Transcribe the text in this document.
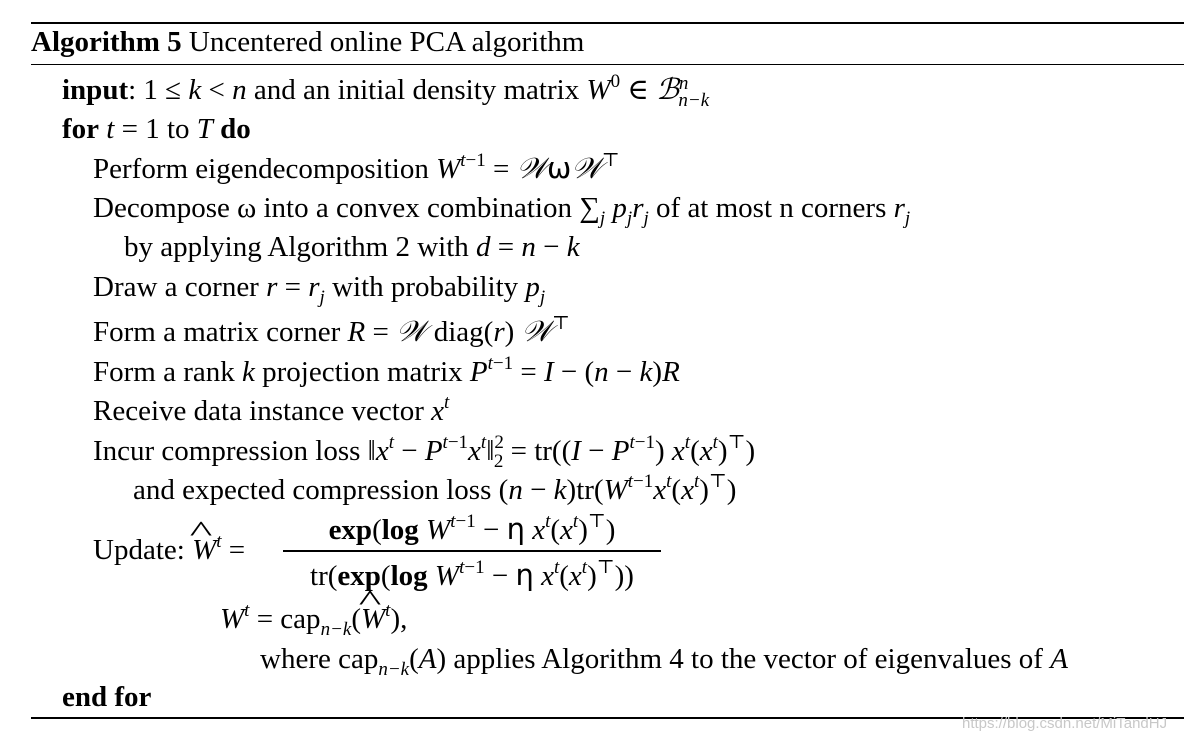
Algorithm 5 Uncentered online PCA algorithm
input: 1 ≤ k < n and an initial density matrix $W^0$ ∈ ℬ$^n_{n-k}$
for t = 1 to T do
Perform eigendecomposition $W^{t-1}$ = 𝒲ω𝒲⊤
Decompose ω into a convex combination $\sum_j$ $p_jr_j$ of at most n corners $r_j$
by applying Algorithm 2 with d = n − k
Draw a corner $r = r_j$ with probability $p_j$
Form a matrix corner R = 𝒲 diag(r) 𝒲⊤
Form a rank k projection matrix $P^{t-1} = I - (n - k)R$
Receive data instance vector $x^t$
Incur compression loss $‖x^t$ − $P^{t-1}x^t‖^2_2 = tr((I - P^{t-1})$ $x^t(x^t)^⊤$)
and expected compression loss $(n - k)tr(W^{t-1}x^t(x^t)^⊤)$
Update: ^ $W^t$ =
exp(log $W^{t-1} - \eta$ $x^t(x^t)^⊤$)
tr(exp(log $W^{t-1} - \eta$ $x^t(x^t)^⊤$))
$W^t$ = cap$_{n-k}$(^ $W^t$),
where cap$_{n-k}$(A) applies Algorithm 4 to the vector of eigenvalues of A
end for
https://blog.csdn.net/MiTandHJ
